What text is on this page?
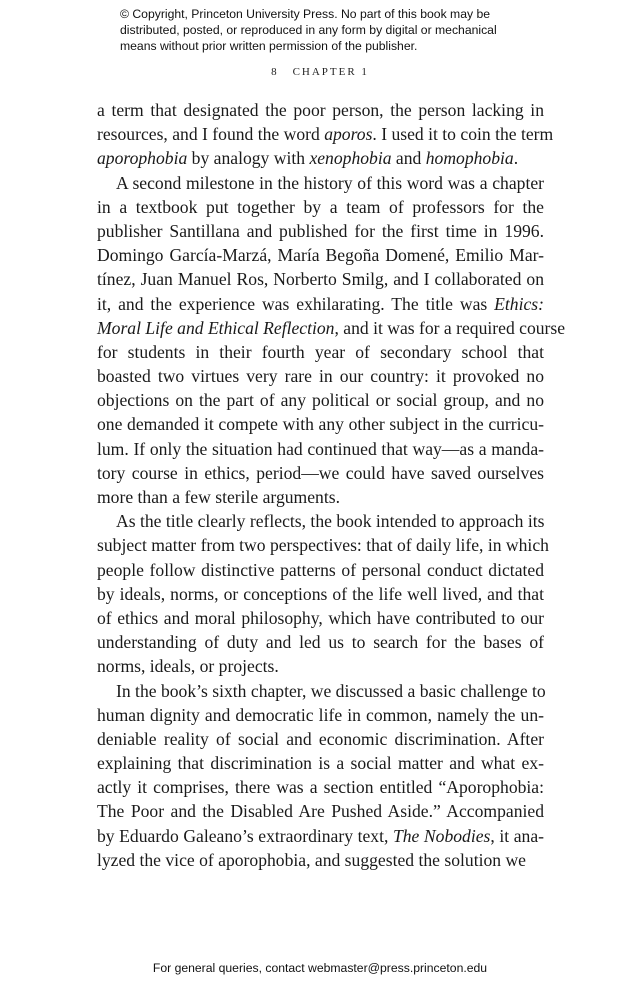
© Copyright, Princeton University Press. No part of this book may be
distributed, posted, or reproduced in any form by digital or mechanical
means without prior written permission of the publisher.
8 CHAPTER 1
a term that designated the poor person, the person lacking in
resources, and I found the word aporos. I used it to coin the term
aporophobia by analogy with xenophobia and homophobia.
A second milestone in the history of this word was a chapter
in a textbook put together by a team of professors for the
publisher Santillana and published for the first time in 1996.
Domingo García-Marzá, María Begoña Domené, Emilio Mar-
tínez, Juan Manuel Ros, Norberto Smilg, and I collaborated on
it, and the experience was exhilarating. The title was Ethics:
Moral Life and Ethical Reflection, and it was for a required course
for students in their fourth year of secondary school that
boasted two virtues very rare in our country: it provoked no
objections on the part of any political or social group, and no
one demanded it compete with any other subject in the curricu-
lum. If only the situation had continued that way—as a manda-
tory course in ethics, period—we could have saved ourselves
more than a few sterile arguments.
As the title clearly reflects, the book intended to approach its
subject matter from two perspectives: that of daily life, in which
people follow distinctive patterns of personal conduct dictated
by ideals, norms, or conceptions of the life well lived, and that
of ethics and moral philosophy, which have contributed to our
understanding of duty and led us to search for the bases of
norms, ideals, or projects.
In the book’s sixth chapter, we discussed a basic challenge to
human dignity and democratic life in common, namely the un-
deniable reality of social and economic discrimination. After
explaining that discrimination is a social matter and what ex-
actly it comprises, there was a section entitled “Aporophobia:
The Poor and the Disabled Are Pushed Aside.” Accompanied
by Eduardo Galeano’s extraordinary text, The Nobodies, it ana-
lyzed the vice of aporophobia, and suggested the solution we
For general queries, contact webmaster@press.princeton.edu
